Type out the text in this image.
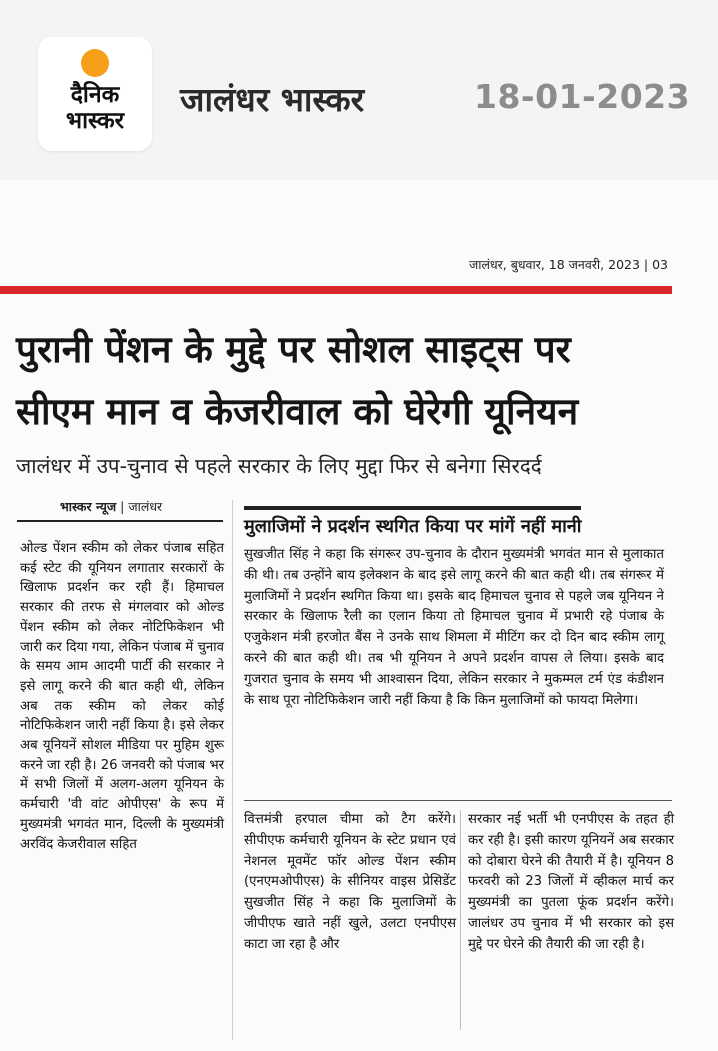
दैनिक
भास्कर
जालंधर भास्कर	18-01-2023
जालंधर, बुधवार, 18 जनवरी, 2023 | 03
पुरानी पेंशन के मुद्दे पर सोशल साइट्स पर
सीएम मान व केजरीवाल को घेरेगी यूनियन
जालंधर में उप-चुनाव से पहले सरकार के लिए मुद्दा फिर से बनेगा सिरदर्द
भास्कर न्यूज | जालंधर
ओल्ड पेंशन स्कीम को लेकर पंजाब सहित कई स्टेट की यूनियन लगातार सरकारों के खिलाफ प्रदर्शन कर रही हैं। हिमाचल सरकार की तरफ से मंगलवार को ओल्ड पेंशन स्कीम को लेकर नोटिफिकेशन भी जारी कर दिया गया, लेकिन पंजाब में चुनाव के समय आम आदमी पार्टी की सरकार ने इसे लागू करने की बात कही थी, लेकिन अब तक स्कीम को लेकर कोई नोटिफिकेशन जारी नहीं किया है। इसे लेकर अब यूनियनें सोशल मीडिया पर मुहिम शुरू करने जा रही है। 26 जनवरी को पंजाब भर में सभी जिलों में अलग-अलग यूनियन के कर्मचारी 'वी वांट ओपीएस' के रूप में मुख्यमंत्री भगवंत मान, दिल्ली के मुख्यमंत्री अरविंद केजरीवाल सहित
मुलाजिमों ने प्रदर्शन स्थगित किया पर मांगें नहीं मानी
सुखजीत सिंह ने कहा कि संगरूर उप-चुनाव के दौरान मुख्यमंत्री भगवंत मान से मुलाकात की थी। तब उन्होंने बाय इलेक्शन के बाद इसे लागू करने की बात कही थी। तब संगरूर में मुलाजिमों ने प्रदर्शन स्थगित किया था। इसके बाद हिमाचल चुनाव से पहले जब यूनियन ने सरकार के खिलाफ रैली का एलान किया तो हिमाचल चुनाव में प्रभारी रहे पंजाब के एजुकेशन मंत्री हरजोत बैंस ने उनके साथ शिमला में मीटिंग कर दो दिन बाद स्कीम लागू करने की बात कही थी। तब भी यूनियन ने अपने प्रदर्शन वापस ले लिया। इसके बाद गुजरात चुनाव के समय भी आश्वासन दिया, लेकिन सरकार ने मुकम्मल टर्म एंड कंडीशन के साथ पूरा नोटिफिकेशन जारी नहीं किया है कि किन मुलाजिमों को फायदा मिलेगा।
वित्तमंत्री हरपाल चीमा को टैग करेंगे। सीपीएफ कर्मचारी यूनियन के स्टेट प्रधान एवं नेशनल मूवमेंट फॉर ओल्ड पेंशन स्कीम (एनएमओपीएस) के सीनियर वाइस प्रेसिडेंट सुखजीत सिंह ने कहा कि मुलाजिमों के जीपीएफ खाते नहीं खुले, उलटा एनपीएस काटा जा रहा है और
सरकार नई भर्ती भी एनपीएस के तहत ही कर रही है। इसी कारण यूनियनें अब सरकार को दोबारा घेरने की तैयारी में है। यूनियन 8 फरवरी को 23 जिलों में व्हीकल मार्च कर मुख्यमंत्री का पुतला फूंक प्रदर्शन करेंगे। जालंधर उप चुनाव में भी सरकार को इस मुद्दे पर घेरने की तैयारी की जा रही है।
